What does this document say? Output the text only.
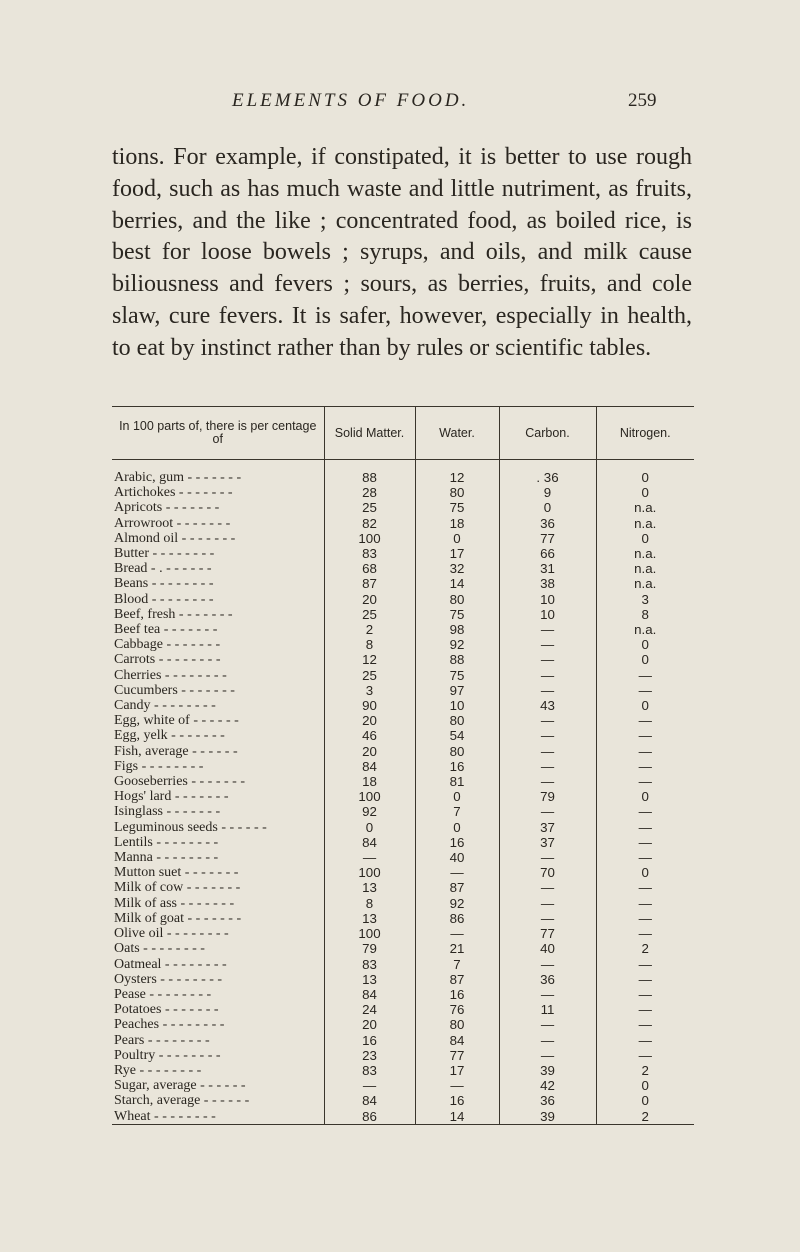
ELEMENTS OF FOOD.	259

tions. For example, if constipated, it is better to use rough food, such as has much waste and little nutriment, as fruits, berries, and the like ; concentrated food, as boiled rice, is best for loose bowels ; syrups, and oils, and milk cause biliousness and fevers ; sours, as berries, fruits, and cole slaw, cure fevers. It is safer, however, especially in health, to eat by instinct rather than by rules or scientific tables.

In 100 parts of, there is per centage of	Solid Matter.	Water.	Carbon.	Nitrogen.
Arabic, gum - - - - - - -	88	12	. 36	0
Artichokes - - - - - - -	28	80	9	0
Apricots - - - - - - -	25	75	0	n.a.
Arrowroot - - - - - - -	82	18	36	n.a.
Almond oil - - - - - - -	100	0	77	0
Butter - - - - - - - -	83	17	66	n.a.
Bread - . - - - - - -	68	32	31	n.a.
Beans - - - - - - - -	87	14	38	n.a.
Blood - - - - - - - -	20	80	10	3
Beef, fresh - - - - - - -	25	75	10	8
Beef tea - - - - - - -	2	98	—	n.a.
Cabbage - - - - - - -	8	92	—	0
Carrots - - - - - - - -	12	88	—	0
Cherries - - - - - - - -	25	75	—	—
Cucumbers - - - - - - -	3	97	—	—
Candy - - - - - - - -	90	10	43	0
Egg, white of - - - - - -	20	80	—	—
Egg, yelk - - - - - - -	46	54	—	—
Fish, average - - - - - -	20	80	—	—
Figs - - - - - - - -	84	16	—	—
Gooseberries - - - - - - -	18	81	—	—
Hogs' lard - - - - - - -	100	0	79	0
Isinglass - - - - - - -	92	7	—	—
Leguminous seeds - - - - - -	0	0	37	—
Lentils - - - - - - - -	84	16	37	—
Manna - - - - - - - -	—	40	—	—
Mutton suet - - - - - - -	100	—	70	0
Milk of cow - - - - - - -	13	87	—	—
Milk of ass - - - - - - -	8	92	—	—
Milk of goat - - - - - - -	13	86	—	—
Olive oil - - - - - - - -	100	—	77	—
Oats - - - - - - - -	79	21	40	2
Oatmeal - - - - - - - -	83	7	—	—
Oysters - - - - - - - -	13	87	36	—
Pease - - - - - - - -	84	16	—	—
Potatoes - - - - - - -	24	76	11	—
Peaches - - - - - - - -	20	80	—	—
Pears - - - - - - - -	16	84	—	—
Poultry - - - - - - - -	23	77	—	—
Rye - - - - - - - -	83	17	39	2
Sugar, average - - - - - -	—	—	42	0
Starch, average - - - - - -	84	16	36	0
Wheat - - - - - - - -	86	14	39	2
